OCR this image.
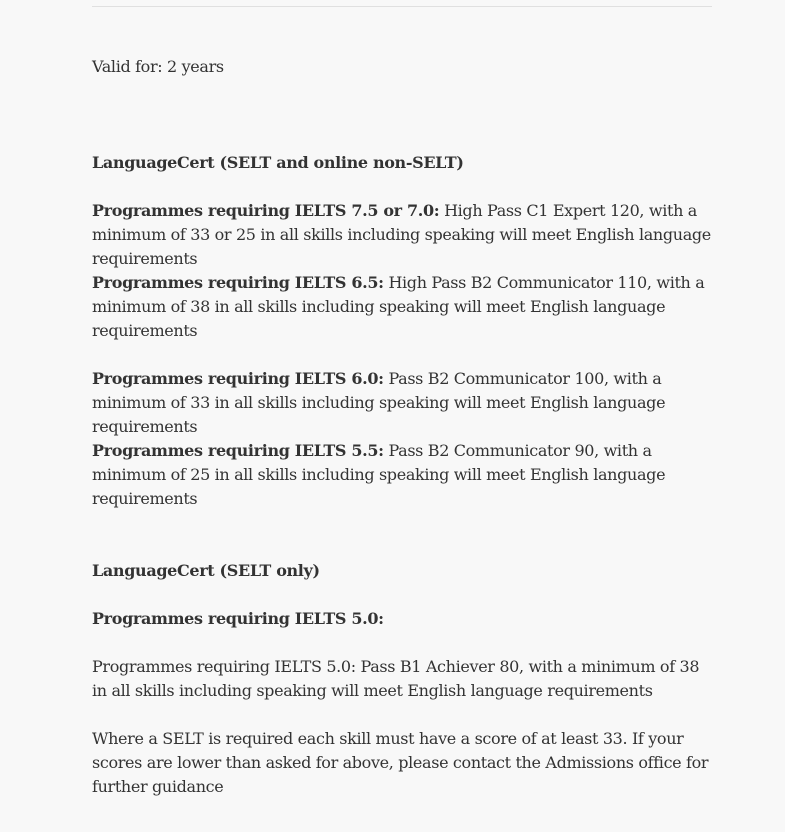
Valid for: 2 years

LanguageCert (SELT and online non-SELT)

Programmes requiring IELTS 7.5 or 7.0: High Pass C1 Expert 120, with a minimum of 33 or 25 in all skills including speaking will meet English language requirements

Programmes requiring IELTS 6.5: High Pass B2 Communicator 110, with a minimum of 38 in all skills including speaking will meet English language requirements

Programmes requiring IELTS 6.0: Pass B2 Communicator 100, with a minimum of 33 in all skills including speaking will meet English language requirements

Programmes requiring IELTS 5.5: Pass B2 Communicator 90, with a minimum of 25 in all skills including speaking will meet English language requirements

LanguageCert (SELT only)

Programmes requiring IELTS 5.0:

Programmes requiring IELTS 5.0: Pass B1 Achiever 80, with a minimum of 38 in all skills including speaking will meet English language requirements

Where a SELT is required each skill must have a score of at least 33. If your scores are lower than asked for above, please contact the Admissions office for further guidance
